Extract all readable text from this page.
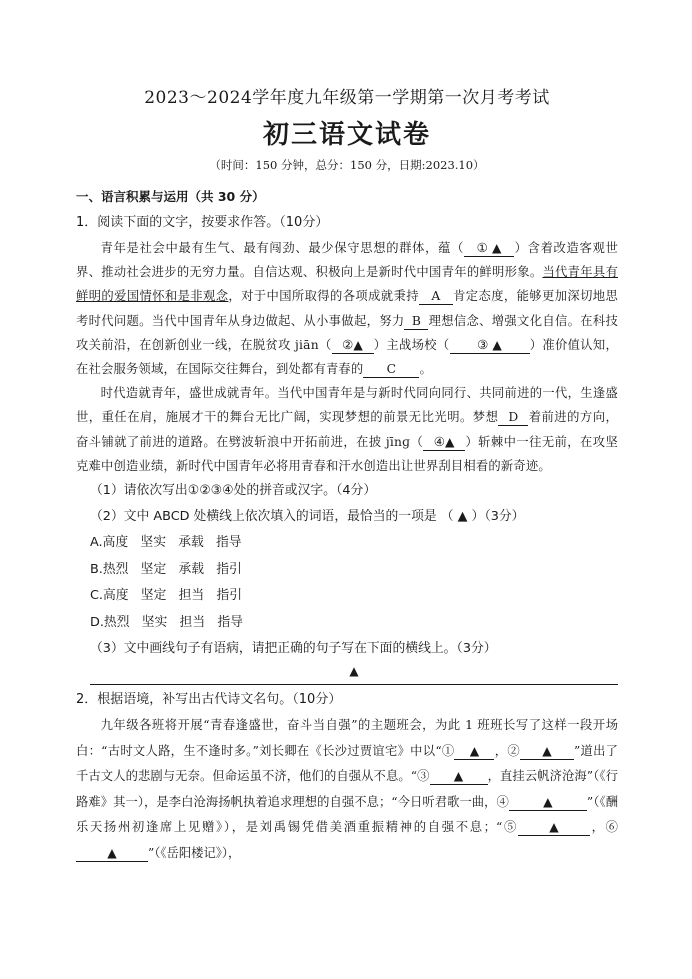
2023～2024学年度九年级第一学期第一次月考考试

初三语文试卷

（时间：150 分钟，总分：150 分，日期:2023.10）

一、语言积累与运用（共 30 分）

1．阅读下面的文字，按要求作答。（10分）

青年是社会中最有生气、最有闯劲、最少保守思想的群体，蕴（ ① ▲）含着改造客观世界、推动社会进步的无穷力量。自信达观、积极向上是新时代中国青年的鲜明形象。当代青年具有鲜明的爱国情怀和是非观念，对于中国所取得的各项成就秉持 A 肯定态度，能够更加深切地思考时代问题。当代中国青年从身边做起、从小事做起，努力 B 理想信念、增强文化自信。在科技攻关前沿，在创新创业一线，在脱贫攻 jiān（ ②▲ ）主战场校（ ③ ▲ ）准价值认知，在社会服务领域，在国际交往舞台，到处都有青春的 C 。

时代造就青年，盛世成就青年。当代中国青年是与新时代同向同行、共同前进的一代，生逢盛世，重任在肩，施展才干的舞台无比广阔，实现梦想的前景无比光明。梦想 D 着前进的方向，奋斗铺就了前进的道路。在劈波斩浪中开拓前进，在披 jīnɡ（ ④▲ ）斩棘中一往无前，在攻坚克难中创造业绩，新时代中国青年必将用青春和汗水创造出让世界刮目相看的新奇迹。

（1）请依次写出①②③④处的拼音或汉字。（4分）

（2）文中 ABCD 处横线上依次填入的词语，最恰当的一项是 （ ▲ ）（3分）

A.高度   坚实   承载   指导

B.热烈   坚定   承载   指引

C.高度   坚定   担当   指引

D.热烈   坚实   担当   指导

（3）文中画线句子有语病，请把正确的句子写在下面的横线上。（3分）

▲

2．根据语境，补写出古代诗文名句。（10分）

九年级各班将开展“青春逢盛世，奋斗当自强”的主题班会，为此 1 班班长写了这样一段开场白：“古时文人路，生不逢时多。”刘长卿在《长沙过贾谊宅》中以“① ▲ ，② ▲ ”道出了千古文人的悲剧与无奈。但命运虽不济，他们的自强从不息。“③ ▲ ，直挂云帆济沧海”（《行路难》其一），是李白沧海扬帆执着追求理想的自强不息；“今日听君歌一曲，④	▲	”（《酬乐天扬州初逢席上见赠》），是刘禹锡凭借美酒重振精神的自强不息；“⑤	▲	，⑥▲	”（《岳阳楼记》），
